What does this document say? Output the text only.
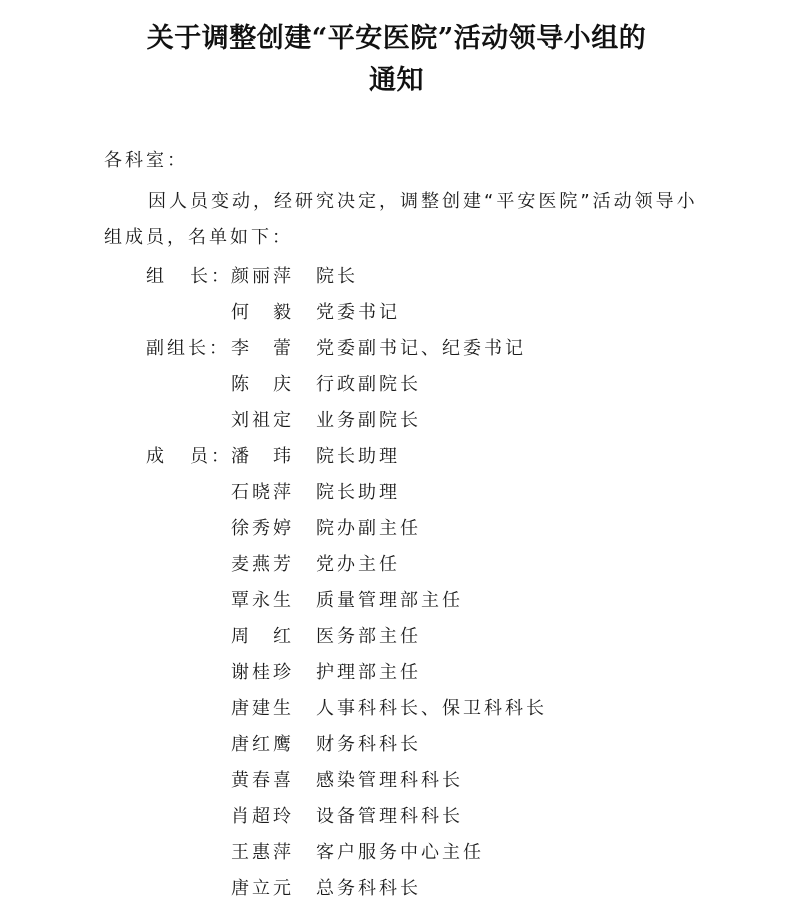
关于调整创建“平安医院”活动领导小组的
通知
各科室：

因人员变动，经研究决定，调整创建“平安医院”活动领导小组成员，名单如下：

组 长： 颜丽萍	院长
何 毅	党委书记
副组长： 李 蕾	党委副书记、纪委书记
陈 庆	行政副院长
刘祖定	业务副院长
成 员： 潘 玮	院长助理
石晓萍	院长助理
徐秀婷	院办副主任
麦燕芳	党办主任
覃永生	质量管理部主任
周 红	医务部主任
谢桂珍	护理部主任
唐建生	人事科科长、保卫科科长
唐红鹰	财务科科长
黄春喜	感染管理科科长
肖超玲	设备管理科科长
王惠萍	客户服务中心主任
唐立元	总务科科长
